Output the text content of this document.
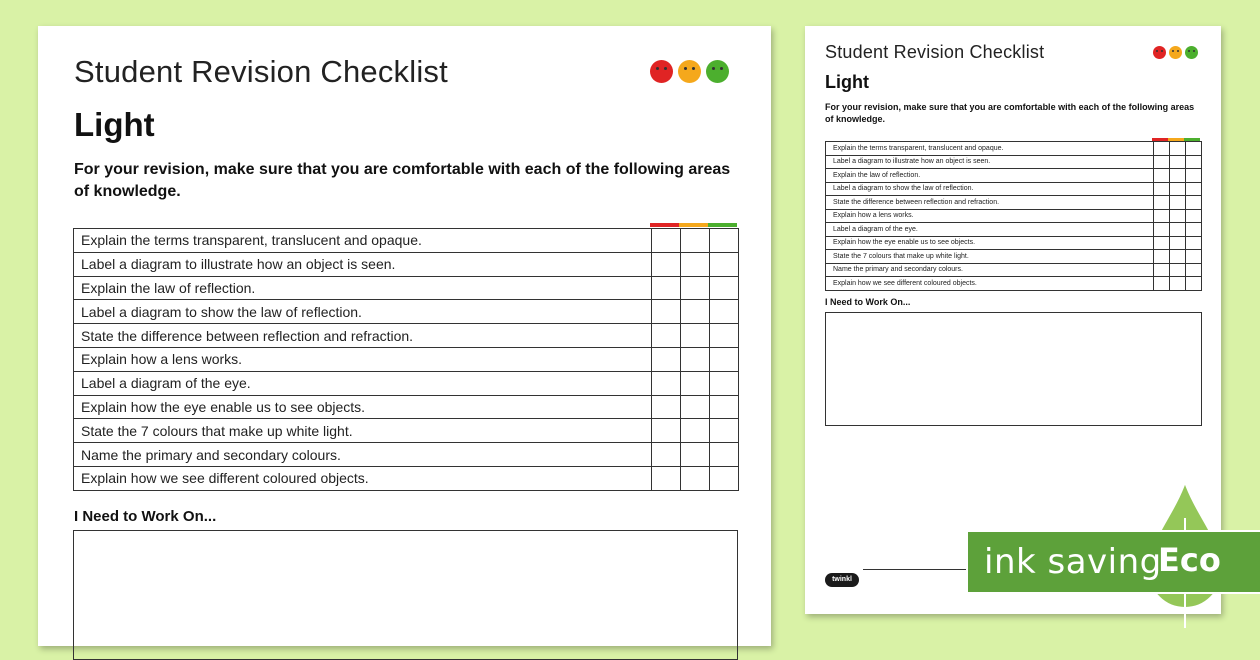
Student Revision Checklist
Light
For your revision, make sure that you are comfortable with each of the following areas of knowledge.
Explain the terms transparent, translucent and opaque.			
Label a diagram to illustrate how an object is seen.			
Explain the law of reflection.			
Label a diagram to show the law of reflection.			
State the difference between reflection and refraction.			
Explain how a lens works.			
Label a diagram of the eye.			
Explain how the eye enable us to see objects.			
State the 7 colours that make up white light.			
Name the primary and secondary colours.			
Explain how we see different coloured objects.			
I Need to Work On...
Student Revision Checklist
Light
For your revision, make sure that you are comfortable with each of the following areas of knowledge.
Explain the terms transparent, translucent and opaque.			
Label a diagram to illustrate how an object is seen.			
Explain the law of reflection.			
Label a diagram to show the law of reflection.			
State the difference between reflection and refraction.			
Explain how a lens works.			
Label a diagram of the eye.			
Explain how the eye enable us to see objects.			
State the 7 colours that make up white light.			
Name the primary and secondary colours.			
Explain how we see different coloured objects.			
I Need to Work On...
twinkl	ink saving
Eco
